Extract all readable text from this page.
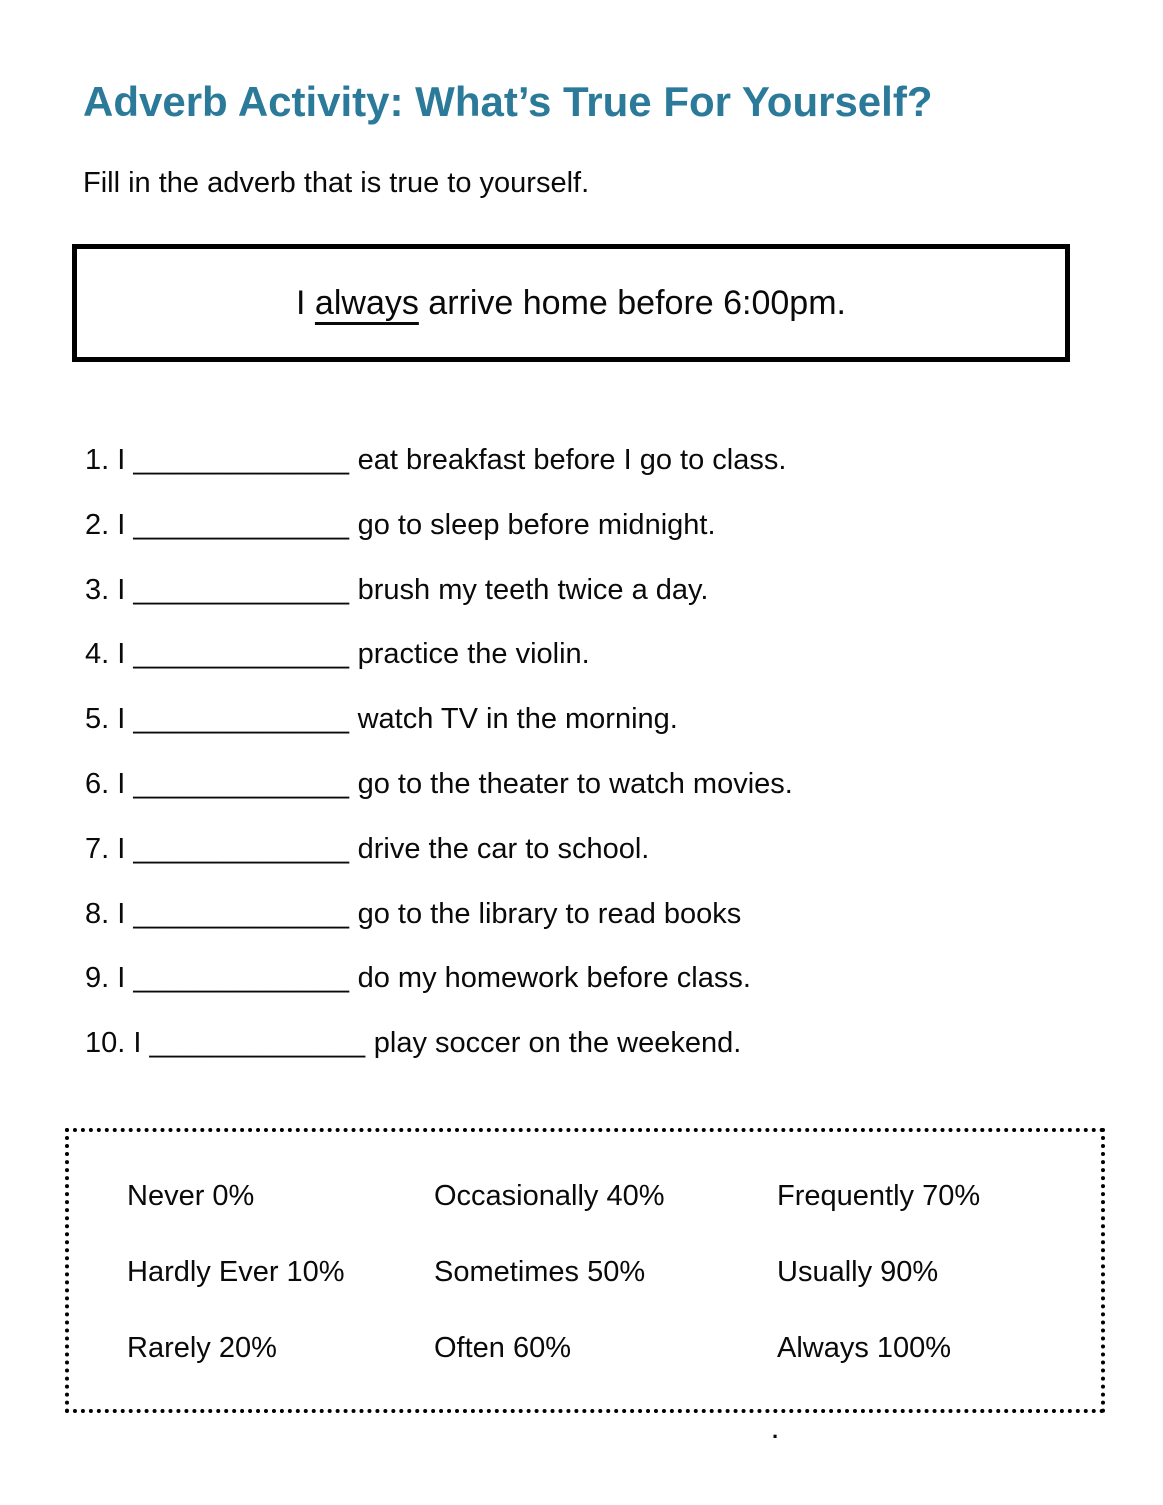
Adverb Activity: What’s True For Yourself?
Fill in the adverb that is true to yourself.
I always arrive home before 6:00pm.
1. I _____________ eat breakfast before I go to class.
2. I _____________ go to sleep before midnight.
3. I _____________ brush my teeth twice a day.
4. I _____________ practice the violin.
5. I _____________ watch TV in the morning.
6. I _____________ go to the theater to watch movies.
7. I _____________ drive the car to school.
8. I _____________ go to the library to read books
9. I _____________ do my homework before class.
10. I _____________ play soccer on the weekend.
Never 0%	Occasionally 40%	Frequently 70%
Hardly Ever 10%	Sometimes 50%	Usually 90%
Rarely 20%	Often 60%	Always 100%
.
